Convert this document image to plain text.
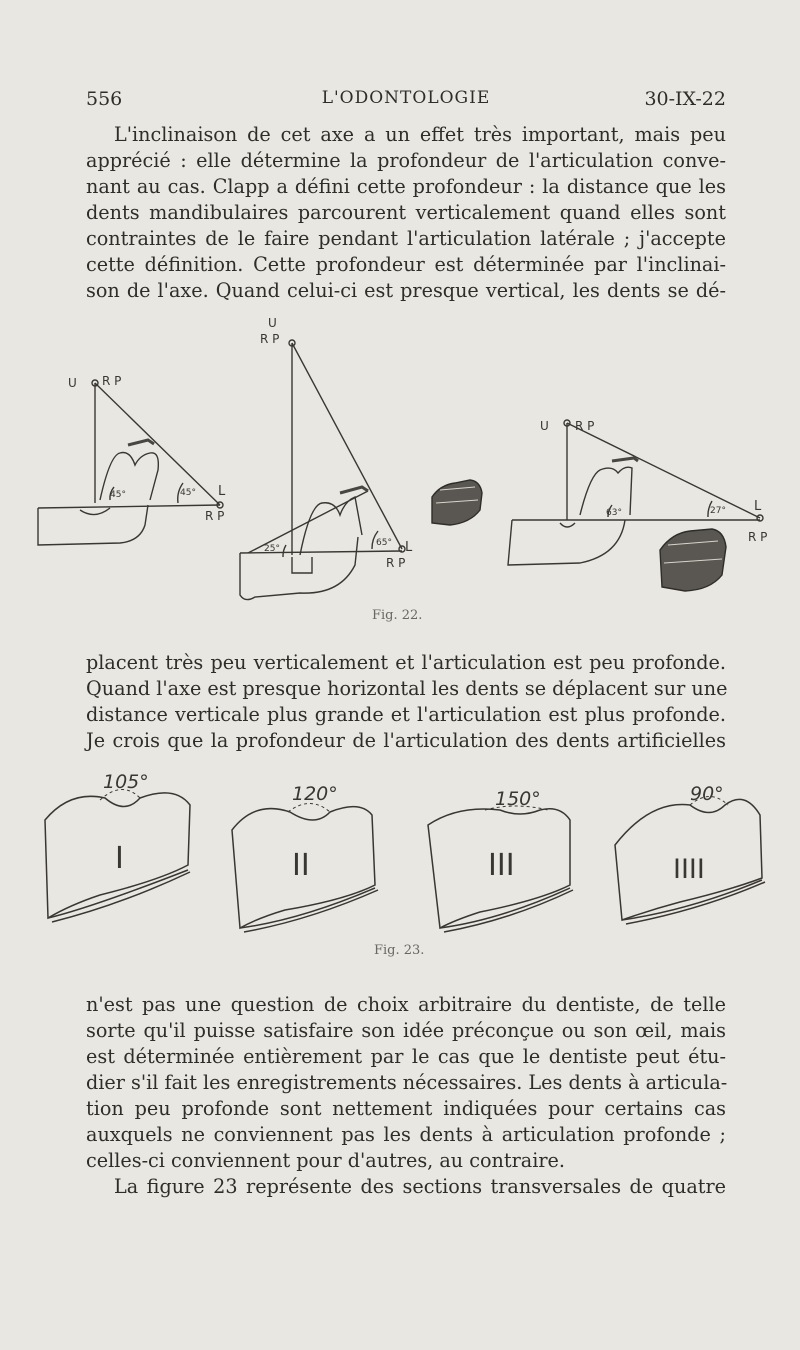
556	L'ODONTOLOGIE	30-IX-22
L'inclinaison de cet axe a un effet très important, mais peu
apprécié : elle détermine la profondeur de l'articulation conve-
nant au cas. Clapp a défini cette profondeur : la distance que les
dents mandibulaires parcourent verticalement quand elles sont
contraintes de le faire pendant l'articulation latérale ; j'accepte
cette définition. Cette profondeur est déterminée par l'inclinai-
son de l'axe. Quand celui-ci est presque vertical, les dents se dé-
U R P
45°	45° L
R P
U
R P
25°
65° L
R P
U R P
63°	27° L
R P
Fig. 22.
placent très peu verticalement et l'articulation est peu profonde.
Quand l'axe est presque horizontal les dents se déplacent sur une
distance verticale plus grande et l'articulation est plus profonde.
Je crois que la profondeur de l'articulation des dents artificielles
105°
I
120°
II
150°
III
90°
IIII
Fig. 23.
n'est pas une question de choix arbitraire du dentiste, de telle
sorte qu'il puisse satisfaire son idée préconçue ou son œil, mais
est déterminée entièrement par le cas que le dentiste peut étu-
dier s'il fait les enregistrements nécessaires. Les dents à articula-
tion peu profonde sont nettement indiquées pour certains cas
auxquels ne conviennent pas les dents à articulation profonde ;
celles-ci conviennent pour d'autres, au contraire.
La figure 23 représente des sections transversales de quatre
